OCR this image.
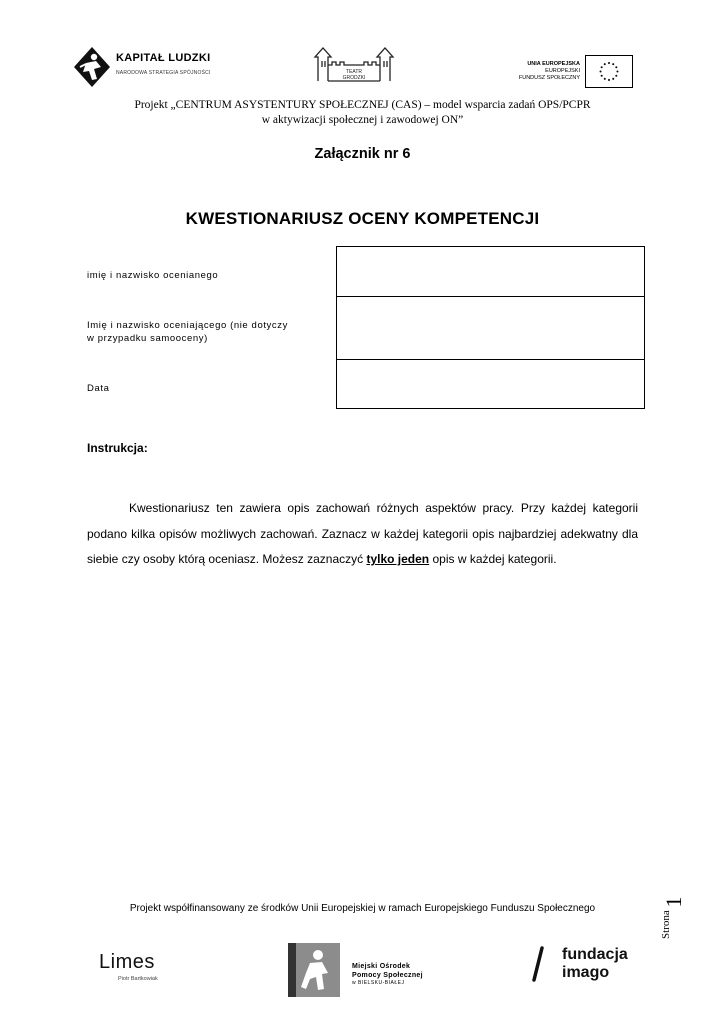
KAPITAŁ LUDZKI
NARODOWA STRATEGIA SPÓJNOŚCI	TEATR
GRODZKI
UNIA EUROPEJSKA
EUROPEJSKI
FUNDUSZ SPOŁECZNY
Projekt „CENTRUM ASYSTENTURY SPOŁECZNEJ (CAS) – model wsparcia zadań OPS/PCPR
w aktywizacji społecznej i zawodowej ON”
Załącznik nr 6
KWESTIONARIUSZ OCENY KOMPETENCJI
imię i nazwisko ocenianego
Imię i nazwisko oceniającego (nie dotyczy
w przypadku samooceny)
Data
Instrukcja:

Kwestionariusz ten zawiera opis zachowań różnych aspektów pracy. Przy każdej kategorii podano kilka opisów możliwych zachowań. Zaznacz w każdej kategorii opis najbardziej adekwatny dla siebie czy osoby którą oceniasz. Możesz zaznaczyć tylko jeden opis w każdej kategorii.

Projekt współfinansowany ze środków Unii Europejskiej w ramach Europejskiego Funduszu Społecznego
Strona
1
Limes
Piotr Bartkowiak
Miejski Ośrodek
Pomocy Społecznej
w BIELSKU-BIAŁEJ
fundacja
imago
